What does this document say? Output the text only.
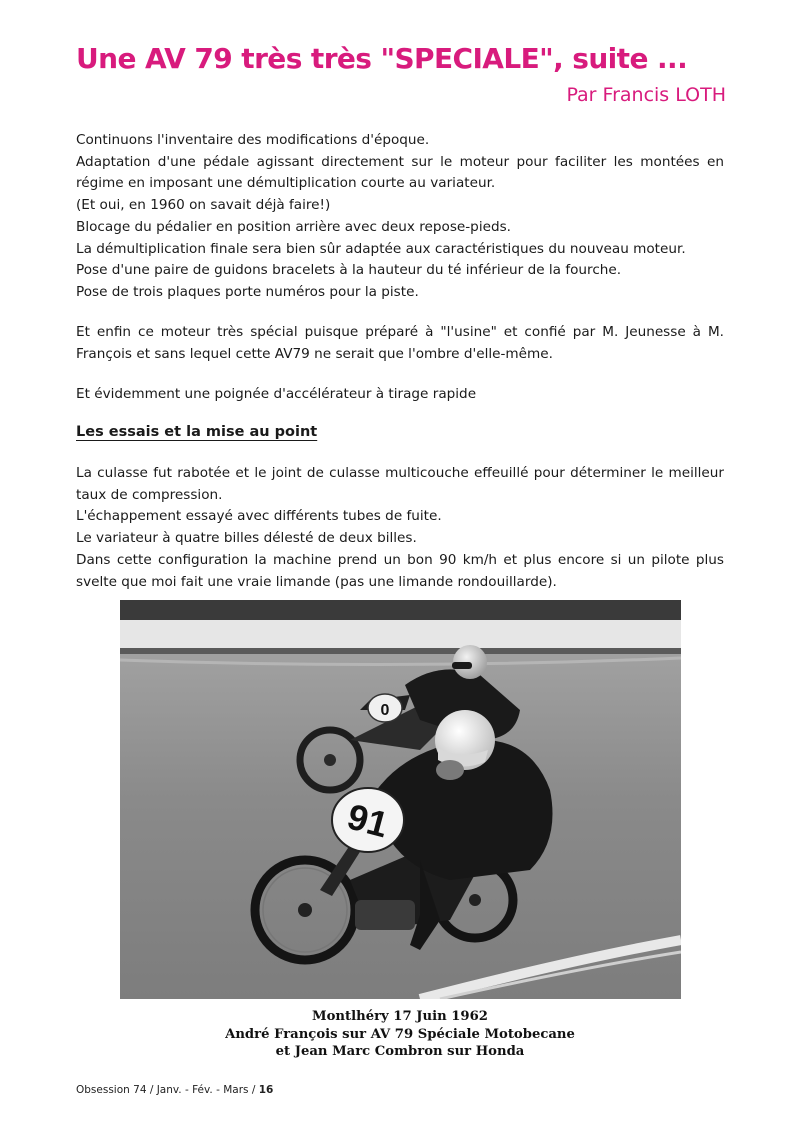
Une AV 79 très très "SPECIALE", suite ...

Par Francis LOTH

Continuons l'inventaire des modifications d'époque.
Adaptation d'une pédale agissant directement sur le moteur pour faciliter les montées en régime en imposant une démultiplication courte au variateur.
(Et oui, en 1960 on savait déjà faire!)
Blocage du pédalier en position arrière avec deux repose-pieds.
La démultiplication finale sera bien sûr adaptée aux caractéristiques du nouveau moteur.
Pose d'une paire de guidons bracelets à la hauteur du té inférieur de la fourche.
Pose de trois plaques porte numéros pour la piste.

Et enfin ce moteur très spécial puisque préparé à "l'usine" et confié par M. Jeunesse à M. François et sans lequel cette AV79 ne serait que l'ombre d'elle-même.

Et évidemment une poignée d'accélérateur à tirage rapide

Les essais et la mise au point
La culasse fut rabotée et le joint de culasse multicouche effeuillé pour déterminer le meilleur taux de compression.
L'échappement essayé avec différents tubes de fuite.
Le variateur à quatre billes délesté de deux billes.
Dans cette configuration la machine prend un bon 90 km/h et plus encore si un pilote plus svelte que moi fait une vraie limande (pas une limande rondouillarde).
0
91
Montlhéry 17 Juin 1962
André François sur AV 79 Spéciale Motobecane
et Jean Marc Combron sur Honda
Obsession 74 / Janv. - Fév. - Mars / 16
